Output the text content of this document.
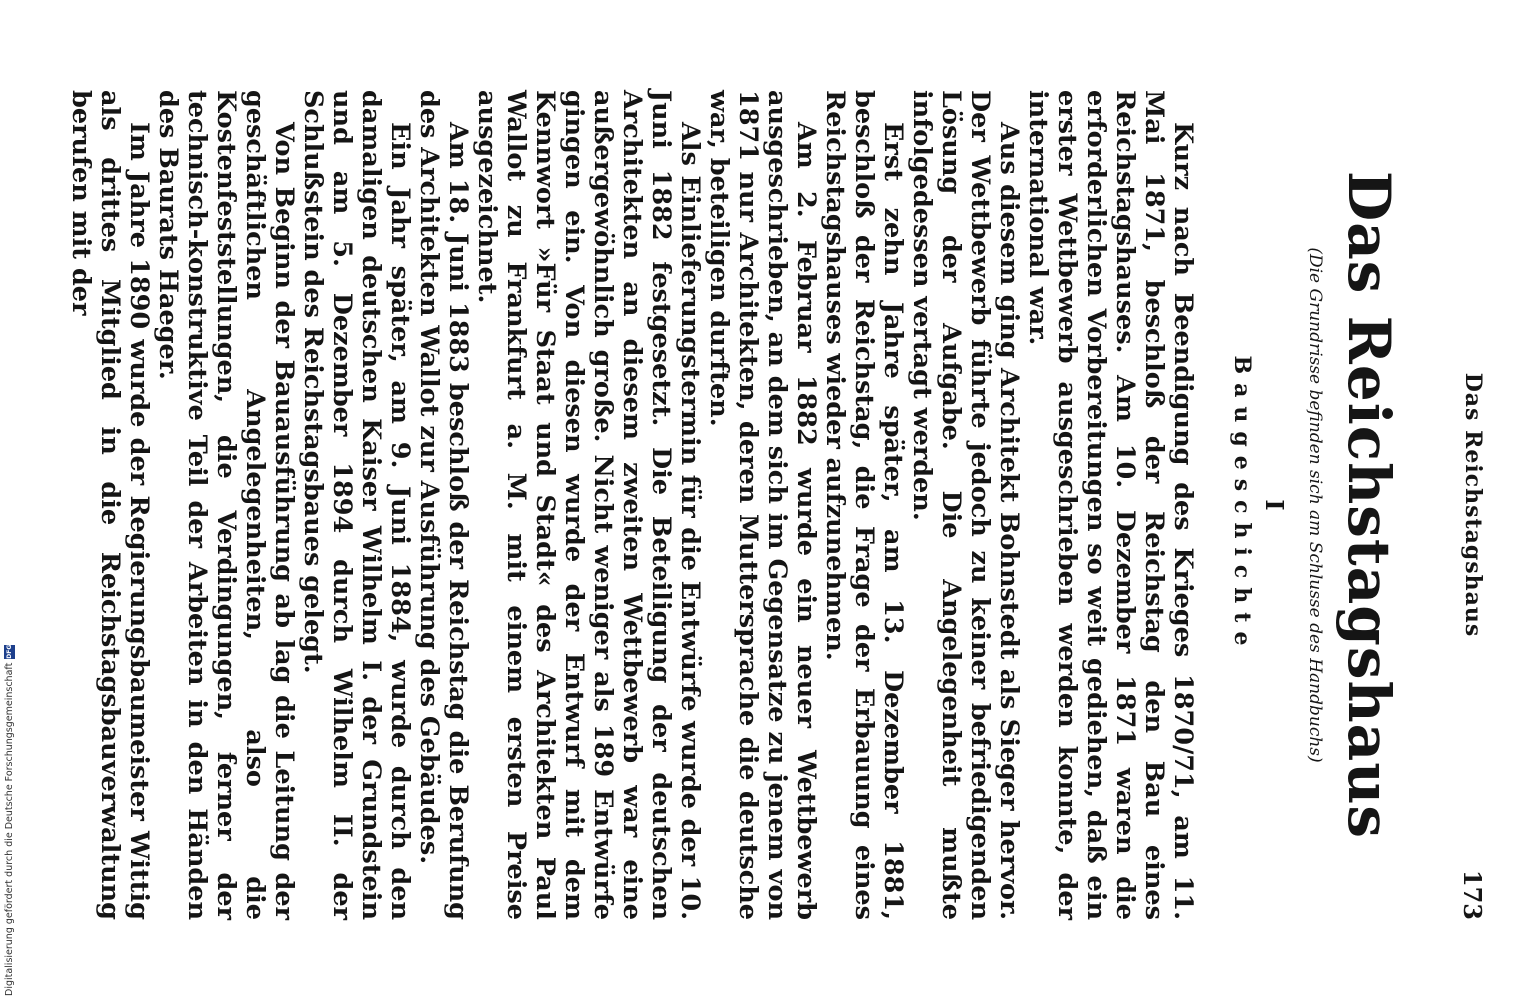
Das Reichstagshaus
173
Das Reichstagshaus
(Die Grundrisse befinden sich am Schlusse des Handbuchs)
I
Baugeschichte

Kurz nach Beendigung des Krieges 1870/71, am 11. Mai 1871, beschloß der Reichstag den Bau eines Reichstagshauses. Am 10. Dezember 1871 waren die erforderlichen Vorbereitungen so weit gediehen, daß ein erster Wettbewerb ausgeschrieben werden konnte, der international war.

Aus diesem ging Architekt Bohnstedt als Sieger hervor. Der Wettbewerb führte jedoch zu keiner befriedigenden Lösung der Aufgabe. Die Angelegenheit mußte infolgedessen vertagt werden.

Erst zehn Jahre später, am 13. Dezember 1881, beschloß der Reichstag, die Frage der Erbauung eines Reichstagshauses wieder aufzunehmen.

Am 2. Februar 1882 wurde ein neuer Wettbewerb ausgeschrieben, an dem sich im Gegensatze zu jenem von 1871 nur Architekten, deren Muttersprache die deutsche war, beteiligen durften.

Als Einlieferungstermin für die Entwürfe wurde der 10. Juni 1882 festgesetzt. Die Beteiligung der deutschen Architekten an diesem zweiten Wettbewerb war eine außergewöhnlich große. Nicht weniger als 189 Entwürfe gingen ein. Von diesen wurde der Entwurf mit dem Kennwort »Für Staat und Stadt« des Architekten Paul Wallot zu Frankfurt a. M. mit einem ersten Preise ausgezeichnet.

Am 18. Juni 1883 beschloß der Reichstag die Berufung des Architekten Wallot zur Ausführung des Gebäudes.

Ein Jahr später, am 9. Juni 1884, wurde durch den damaligen deutschen Kaiser Wilhelm I. der Grundstein und am 5. Dezember 1894 durch Wilhelm II. der Schlußstein des Reichstagsbaues gelegt.

Von Beginn der Bauausführung ab lag die Leitung der geschäftlichen Angelegenheiten, also die Kostenfeststellungen, die Verdingungen, ferner der technisch-konstruktive Teil der Arbeiten in den Händen des Baurats Haeger.

Im Jahre 1890 wurde der Regierungsbaumeister Wittig als drittes Mitglied in die Reichstagsbauverwaltung berufen mit der

Digitalisierung gefördert durch die Deutsche Forschungsgemeinschaft
DFG
